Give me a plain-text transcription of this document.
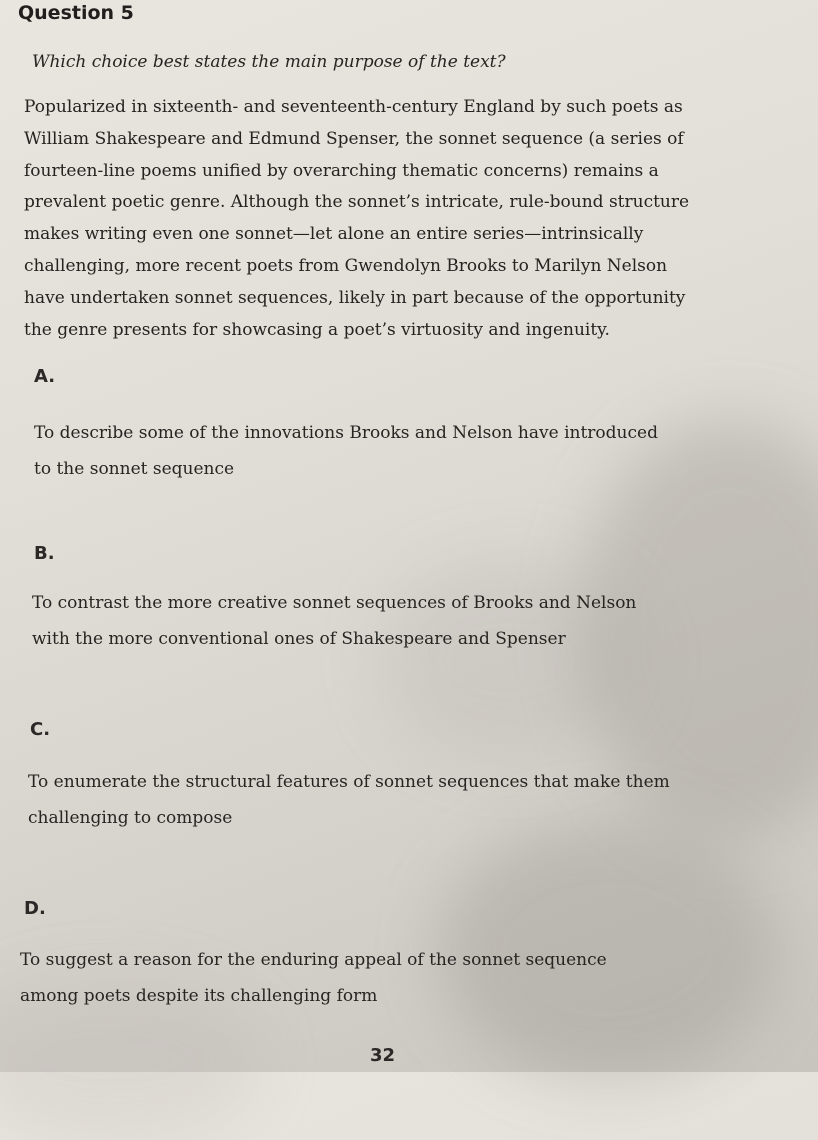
Question 5
Which choice best states the main purpose of the text?
Popularized in sixteenth- and seventeenth-century England by such poets as
William Shakespeare and Edmund Spenser, the sonnet sequence (a series of
fourteen-line poems unified by overarching thematic concerns) remains a
prevalent poetic genre. Although the sonnet’s intricate, rule-bound structure
makes writing even one sonnet—let alone an entire series—intrinsically
challenging, more recent poets from Gwendolyn Brooks to Marilyn Nelson
have undertaken sonnet sequences, likely in part because of the opportunity
the genre presents for showcasing a poet’s virtuosity and ingenuity.
A.
To describe some of the innovations Brooks and Nelson have introduced
to the sonnet sequence
B.
To contrast the more creative sonnet sequences of Brooks and Nelson
with the more conventional ones of Shakespeare and Spenser
C.
To enumerate the structural features of sonnet sequences that make them
challenging to compose
D.
To suggest a reason for the enduring appeal of the sonnet sequence
among poets despite its challenging form
32
